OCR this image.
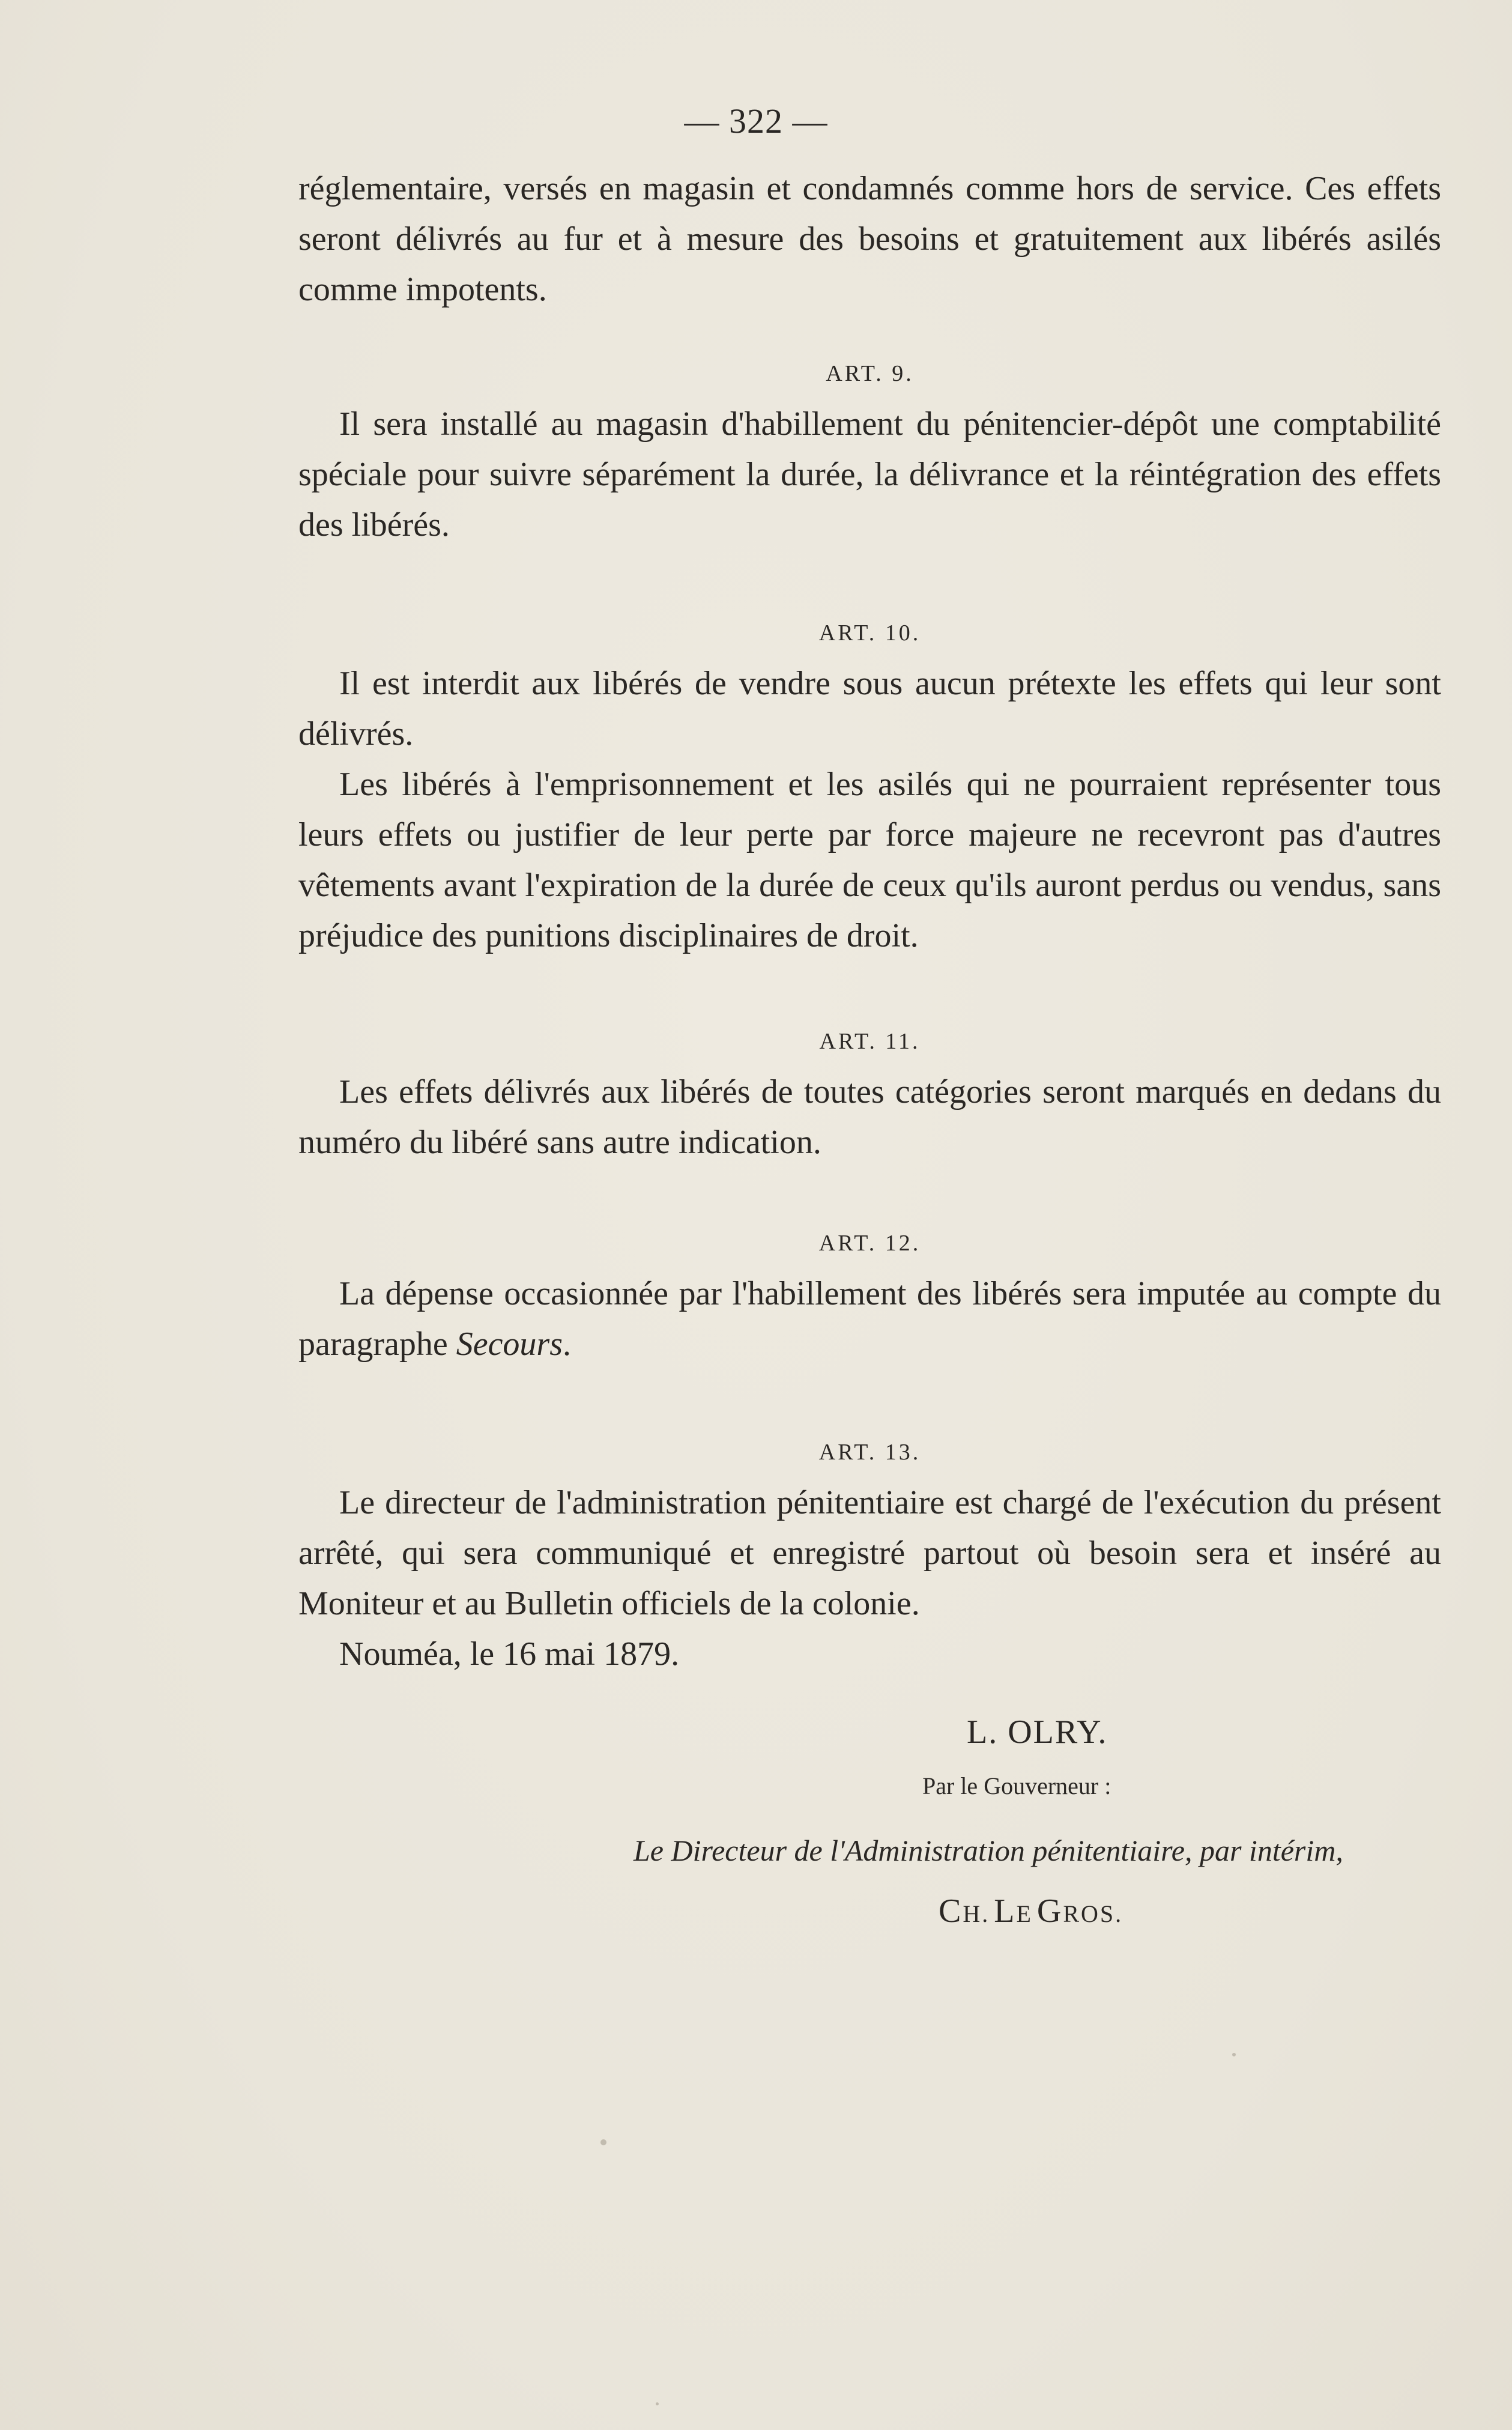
— 322 —

réglementaire, versés en magasin et condamnés comme hors de service. Ces effets seront délivrés au fur et à mesure des besoins et gratuitement aux libérés asilés comme impotents.

ART. 9.

Il sera installé au magasin d'habillement du pénitencier-dépôt une comptabilité spéciale pour suivre séparément la durée, la délivrance et la réintégration des effets des libérés.

ART. 10.

Il est interdit aux libérés de vendre sous aucun prétexte les effets qui leur sont délivrés.

Les libérés à l'emprisonnement et les asilés qui ne pourraient représenter tous leurs effets ou justifier de leur perte par force majeure ne recevront pas d'autres vêtements avant l'expiration de la durée de ceux qu'ils auront perdus ou vendus, sans préjudice des punitions disciplinaires de droit.

ART. 11.

Les effets délivrés aux libérés de toutes catégories seront marqués en dedans du numéro du libéré sans autre indication.

ART. 12.

La dépense occasionnée par l'habillement des libérés sera imputée au compte du paragraphe Secours.

ART. 13.

Le directeur de l'administration pénitentiaire est chargé de l'exécution du présent arrêté, qui sera communiqué et enregistré partout où besoin sera et inséré au Moniteur et au Bulletin officiels de la colonie.

Nouméa, le 16 mai 1879.

L. OLRY.
Par le Gouverneur :
Le Directeur de l'Administration pénitentiaire, par intérim,
CH. LE GROS.
